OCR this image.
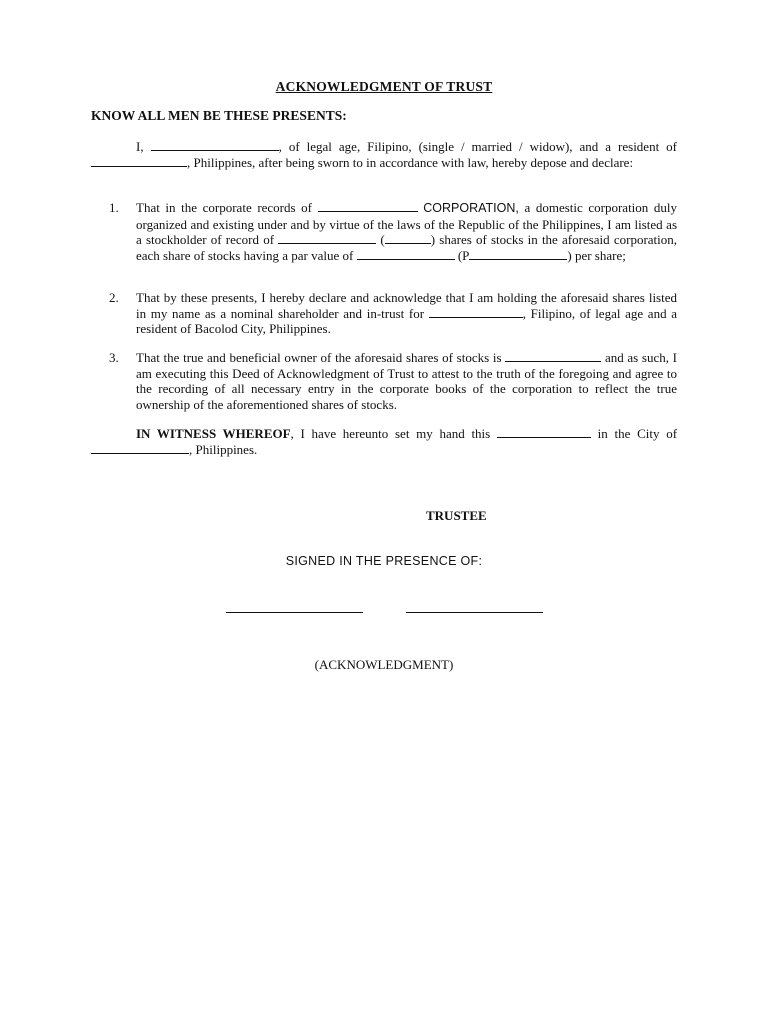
ACKNOWLEDGMENT OF TRUST
KNOW ALL MEN BE THESE PRESENTS:
I,	, of legal age, Filipino, (single / married / widow), and a resident of , Philippines, after being sworn to in accordance with law, hereby depose and declare:
1.	That in the corporate records of	CORPORATION, a domestic corporation duly organized and existing under and by virtue of the laws of the Republic of the Philippines, I am listed as a stockholder of record of	(	) shares of stocks in the aforesaid corporation, each share of stocks having a par value of	(P	) per share;
2.	That by these presents, I hereby declare and acknowledge that I am holding the aforesaid shares listed in my name as a nominal shareholder and in-trust for	, Filipino, of legal age and a resident of Bacolod City, Philippines.
3.	That the true and beneficial owner of the aforesaid shares of stocks is	and as such, I am executing this Deed of Acknowledgment of Trust to attest to the truth of the foregoing and agree to the recording of all necessary entry in the corporate books of the corporation to reflect the true ownership of the aforementioned shares of stocks.
IN WITNESS WHEREOF, I have hereunto set my hand this	in the City of , Philippines.
TRUSTEE
SIGNED IN THE PRESENCE OF:
(ACKNOWLEDGMENT)
